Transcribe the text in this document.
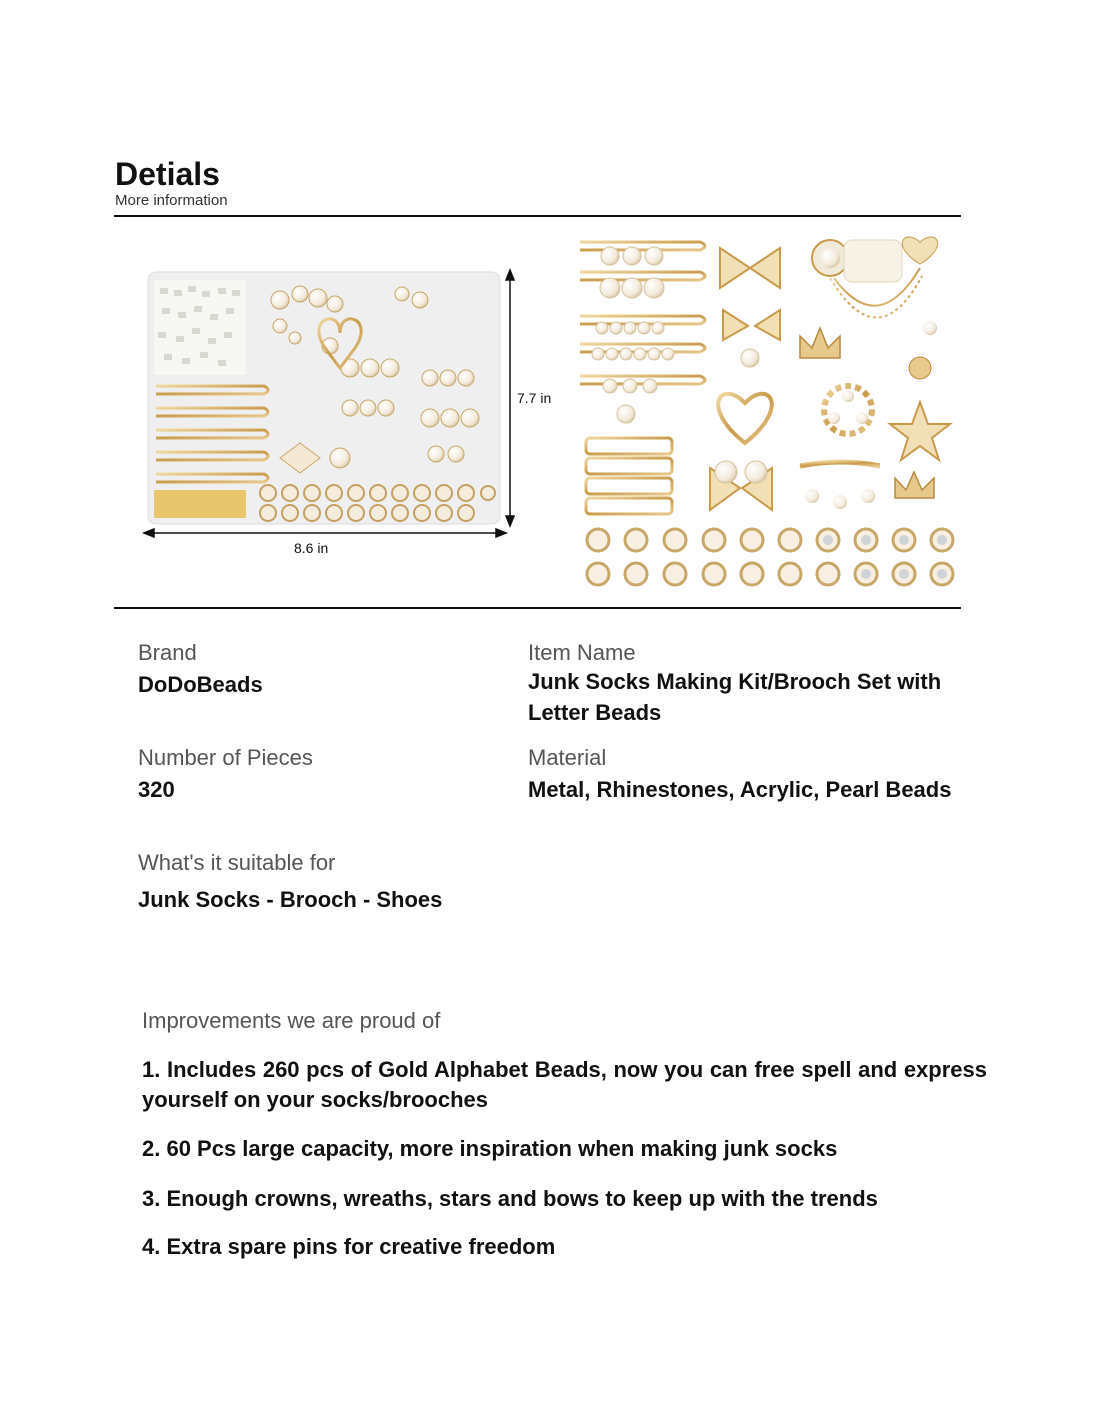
Detials
More information
7.7 in
8.6 in
Brand
DoDoBeads
Item Name
Junk Socks Making Kit/Brooch Set with Letter Beads
Number of Pieces
320
Material
Metal, Rhinestones, Acrylic, Pearl Beads
What's it suitable for
Junk Socks - Brooch - Shoes
Improvements we are proud of
1. Includes 260 pcs of Gold Alphabet Beads, now you can free spell and express yourself on your socks/brooches
2. 60 Pcs large capacity, more inspiration when making junk socks
3. Enough crowns, wreaths, stars and bows to keep up with the trends
4. Extra spare pins for creative freedom
